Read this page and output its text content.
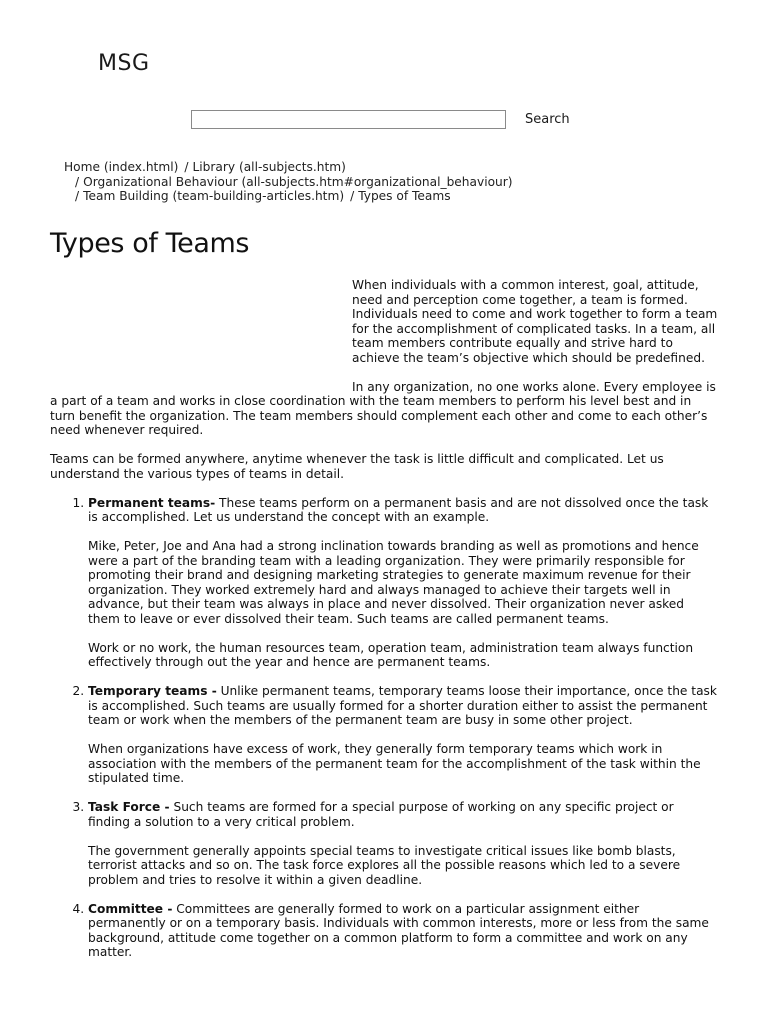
MSG
Search
Home (index.html) / Library (all-subjects.htm)
/ Organizational Behaviour (all-subjects.htm#organizational_behaviour)
/ Team Building (team-building-articles.htm) / Types of Teams
Types of Teams

When individuals with a common interest, goal, attitude, need and perception come together, a team is formed. Individuals need to come and work together to form a team for the accomplishment of complicated tasks. In a team, all team members contribute equally and strive hard to achieve the team’s objective which should be predefined.

In any organization, no one works alone. Every employee is a part of a team and works in close coordination with the team members to perform his level best and in turn benefit the organization. The team members should complement each other and come to each other’s need whenever required.

Teams can be formed anywhere, anytime whenever the task is little difficult and complicated. Let us understand the various types of teams in detail.

1. Permanent teams- These teams perform on a permanent basis and are not dissolved once the task is accomplished. Let us understand the concept with an example.

Mike, Peter, Joe and Ana had a strong inclination towards branding as well as promotions and hence were a part of the branding team with a leading organization. They were primarily responsible for promoting their brand and designing marketing strategies to generate maximum revenue for their organization. They worked extremely hard and always managed to achieve their targets well in advance, but their team was always in place and never dissolved. Their organization never asked them to leave or ever dissolved their team. Such teams are called permanent teams.

Work or no work, the human resources team, operation team, administration team always function effectively through out the year and hence are permanent teams.

2. Temporary teams - Unlike permanent teams, temporary teams loose their importance, once the task is accomplished. Such teams are usually formed for a shorter duration either to assist the permanent team or work when the members of the permanent team are busy in some other project.

When organizations have excess of work, they generally form temporary teams which work in association with the members of the permanent team for the accomplishment of the task within the stipulated time.

3. Task Force - Such teams are formed for a special purpose of working on any specific project or finding a solution to a very critical problem.

The government generally appoints special teams to investigate critical issues like bomb blasts, terrorist attacks and so on. The task force explores all the possible reasons which led to a severe problem and tries to resolve it within a given deadline.

4. Committee - Committees are generally formed to work on a particular assignment either permanently or on a temporary basis. Individuals with common interests, more or less from the same background, attitude come together on a common platform to form a committee and work on any matter.
